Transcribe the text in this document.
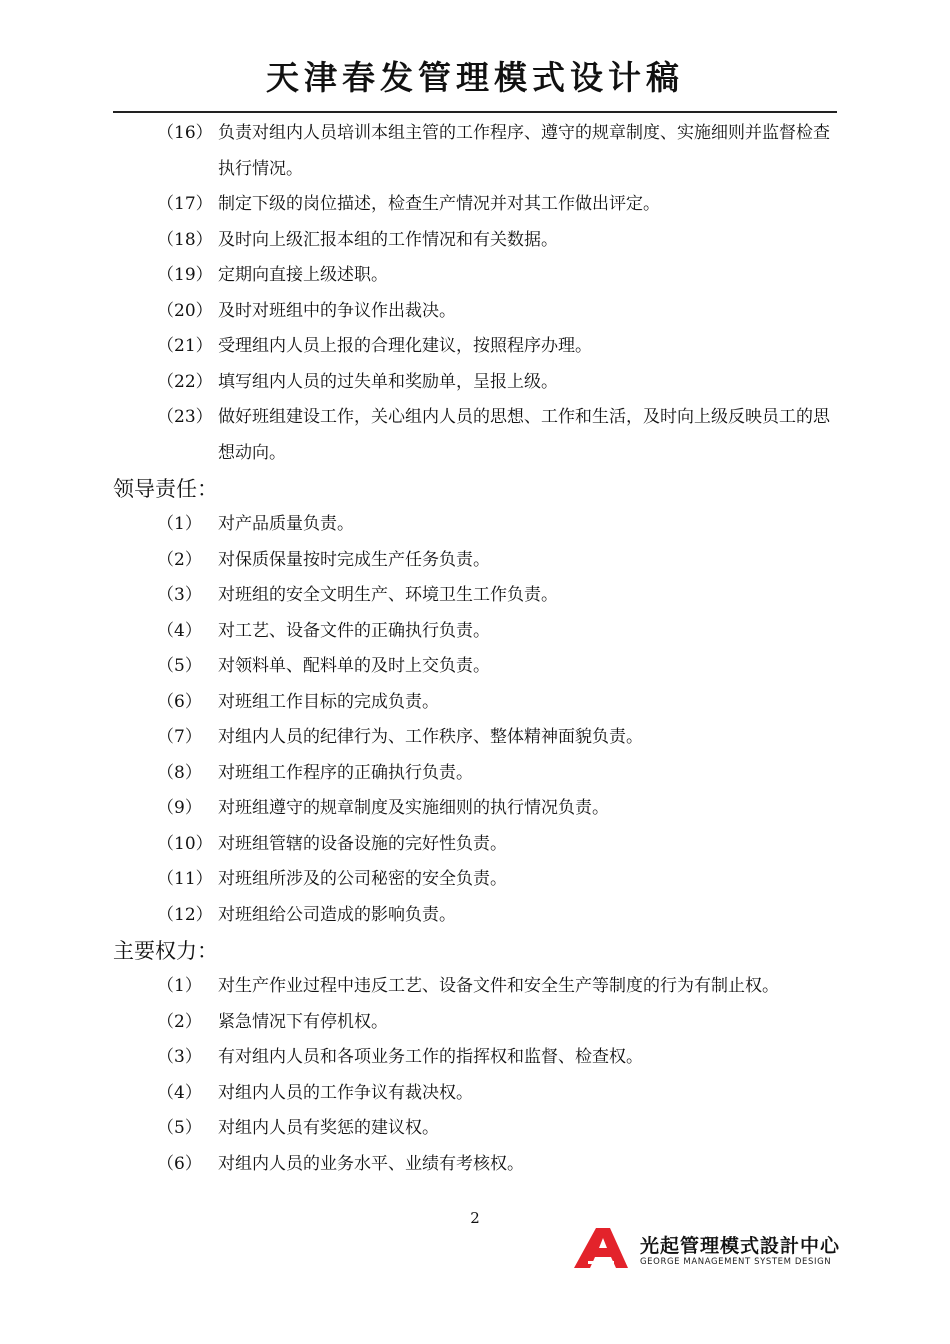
天津春发管理模式设计稿
（16） 负责对组内人员培训本组主管的工作程序、遵守的规章制度、实施细则并监督检查执行情况。
（17） 制定下级的岗位描述，检查生产情况并对其工作做出评定。
（18） 及时向上级汇报本组的工作情况和有关数据。
（19） 定期向直接上级述职。
（20） 及时对班组中的争议作出裁决。
（21） 受理组内人员上报的合理化建议，按照程序办理。
（22） 填写组内人员的过失单和奖励单，呈报上级。
（23） 做好班组建设工作，关心组内人员的思想、工作和生活，及时向上级反映员工的思想动向。
领导责任：
（1） 对产品质量负责。
（2） 对保质保量按时完成生产任务负责。
（3） 对班组的安全文明生产、环境卫生工作负责。
（4） 对工艺、设备文件的正确执行负责。
（5） 对领料单、配料单的及时上交负责。
（6） 对班组工作目标的完成负责。
（7） 对组内人员的纪律行为、工作秩序、整体精神面貌负责。
（8） 对班组工作程序的正确执行负责。
（9） 对班组遵守的规章制度及实施细则的执行情况负责。
（10） 对班组管辖的设备设施的完好性负责。
（11） 对班组所涉及的公司秘密的安全负责。
（12） 对班组给公司造成的影响负责。
主要权力：
（1） 对生产作业过程中违反工艺、设备文件和安全生产等制度的行为有制止权。
（2） 紧急情况下有停机权。
（3） 有对组内人员和各项业务工作的指挥权和监督、检查权。
（4） 对组内人员的工作争议有裁决权。
（5） 对组内人员有奖惩的建议权。
（6） 对组内人员的业务水平、业绩有考核权。
2
光起管理模式設計中心
GEORGE MANAGEMENT SYSTEM DESIGN
